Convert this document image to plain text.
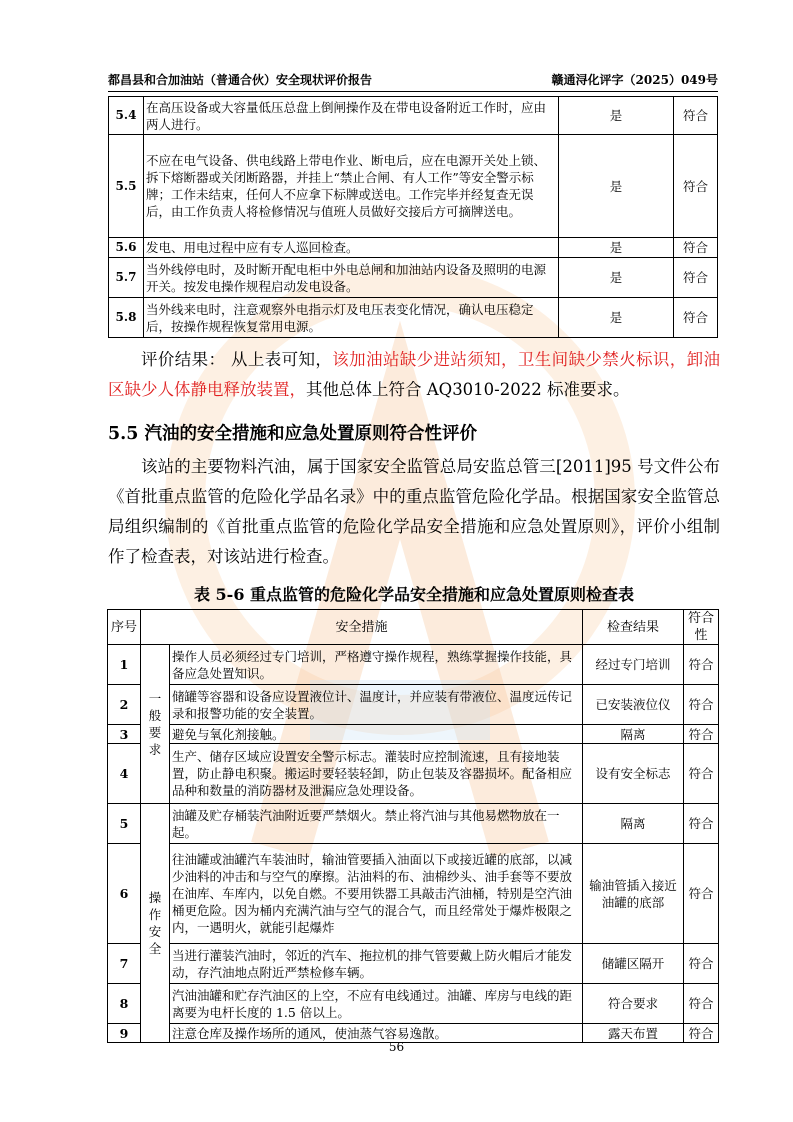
都昌县和合加油站（普通合伙）安全现状评价报告	赣通浔化评字（2025）049号
5.4	在高压设备或大容量低压总盘上倒闸操作及在带电设备附近工作时，应由两人进行。	是	符合
5.5	不应在电气设备、供电线路上带电作业、断电后，应在电源开关处上锁、拆下熔断器或关闭断路器，并挂上“禁止合闸、有人工作”等安全警示标牌；工作未结束，任何人不应拿下标牌或送电。工作完毕并经复查无误后，由工作负责人将检修情况与值班人员做好交接后方可摘牌送电。	是	符合
5.6	发电、用电过程中应有专人巡回检查。	是	符合
5.7	当外线停电时，及时断开配电柜中外电总闸和加油站内设备及照明的电源开关。按发电操作规程启动发电设备。	是	符合
5.8	当外线来电时，注意观察外电指示灯及电压表变化情况，确认电压稳定后，按操作规程恢复常用电源。	是	符合
评价结果： 从上表可知，该加油站缺少进站须知，卫生间缺少禁火标识，卸油区缺少人体静电释放装置，其他总体上符合 AQ3010-2022 标准要求。
5.5 汽油的安全措施和应急处置原则符合性评价
该站的主要物料汽油，属于国家安全监管总局安监总管三[2011]95 号文件公布《首批重点监管的危险化学品名录》中的重点监管危险化学品。根据国家安全监管总局组织编制的《首批重点监管的危险化学品安全措施和应急处置原则》，评价小组制作了检查表，对该站进行检查。
表 5-6 重点监管的危险化学品安全措施和应急处置原则检查表
序号	安全措施		检查结果	符合性
1	一般要求	操作人员必须经过专门培训，严格遵守操作规程，熟练掌握操作技能，具备应急处置知识。	经过专门培训	符合
2		储罐等容器和设备应设置液位计、温度计，并应装有带液位、温度远传记录和报警功能的安全装置。	已安装液位仪	符合
3		避免与氧化剂接触。	隔离	符合
4		生产、储存区域应设置安全警示标志。灌装时应控制流速，且有接地装置，防止静电积聚。搬运时要轻装轻卸，防止包装及容器损坏。配备相应品种和数量的消防器材及泄漏应急处理设备。	设有安全标志	符合
5	操作安全	油罐及贮存桶装汽油附近要严禁烟火。禁止将汽油与其他易燃物放在一起。	隔离	符合
6		往油罐或油罐汽车装油时，输油管要插入油面以下或接近罐的底部，以减少油料的冲击和与空气的摩擦。沾油料的布、油棉纱头、油手套等不要放在油库、车库内，以免自燃。不要用铁器工具敲击汽油桶，特别是空汽油桶更危险。因为桶内充满汽油与空气的混合气，而且经常处于爆炸极限之内，一遇明火，就能引起爆炸	输油管插入接近油罐的底部	符合
7		当进行灌装汽油时，邻近的汽车、拖拉机的排气管要戴上防火帽后才能发动，存汽油地点附近严禁检修车辆。	储罐区隔开	符合
8		汽油油罐和贮存汽油区的上空，不应有电线通过。油罐、库房与电线的距离要为电杆长度的 1.5 倍以上。	符合要求	符合
9		注意仓库及操作场所的通风，使油蒸气容易逸散。	露天布置	符合
56
